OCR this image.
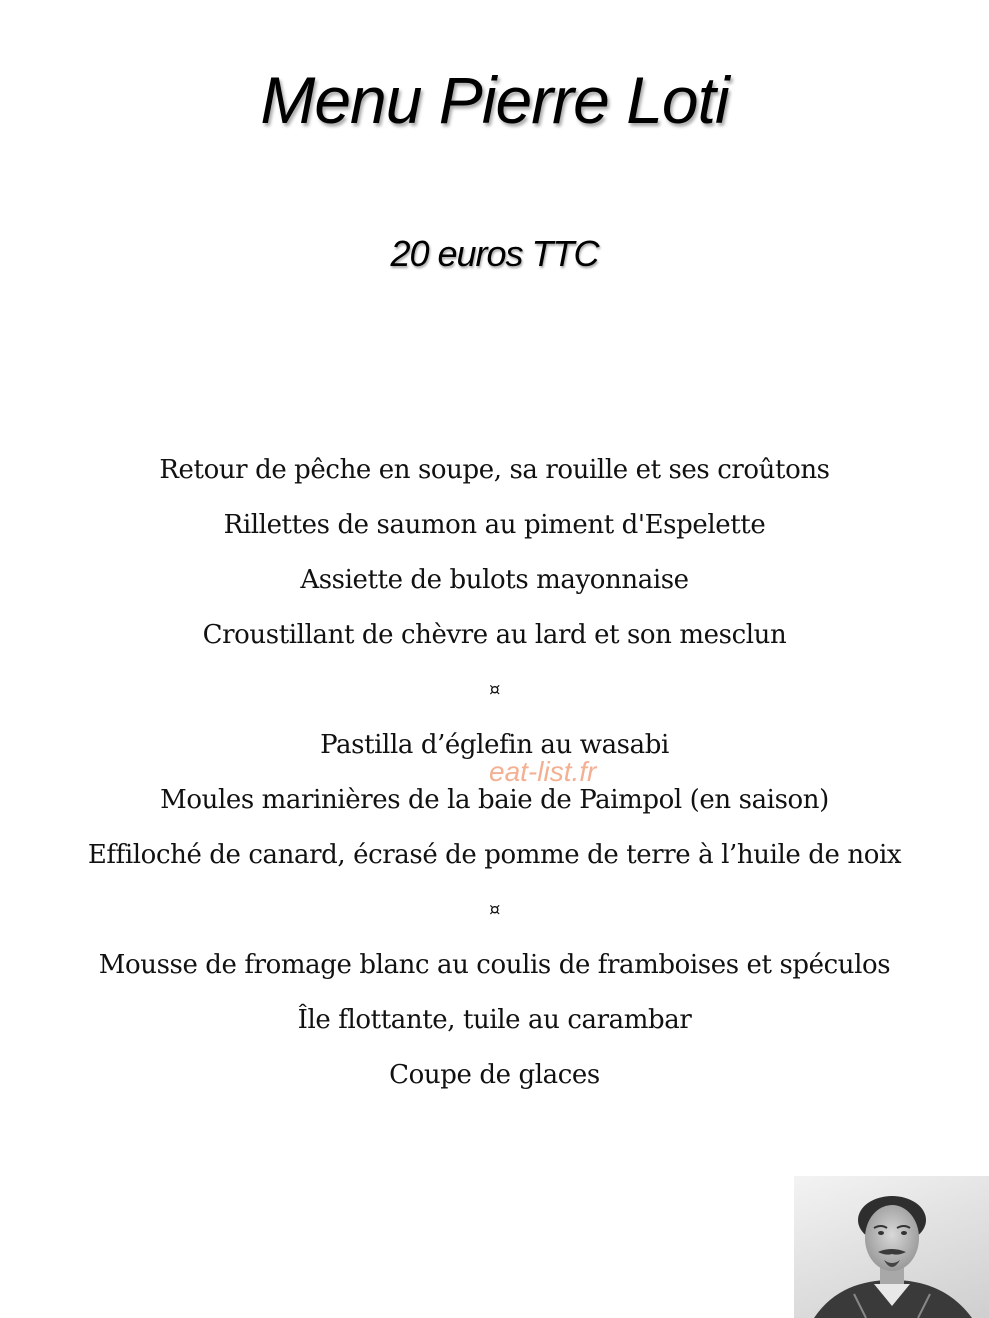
Menu Pierre Loti
20 euros TTC
Retour de pêche en soupe, sa rouille et ses croûtons
Rillettes de saumon au piment d'Espelette
Assiette de bulots mayonnaise
Croustillant de chèvre au lard et son mesclun
¤
Pastilla d’églefin au wasabi
Moules marinières de la baie de Paimpol (en saison)
Effiloché de canard, écrasé de pomme de terre à l’huile de noix
¤
Mousse de fromage blanc au coulis de framboises et spéculos
Île flottante, tuile au carambar
Coupe de glaces
eat-list.fr
